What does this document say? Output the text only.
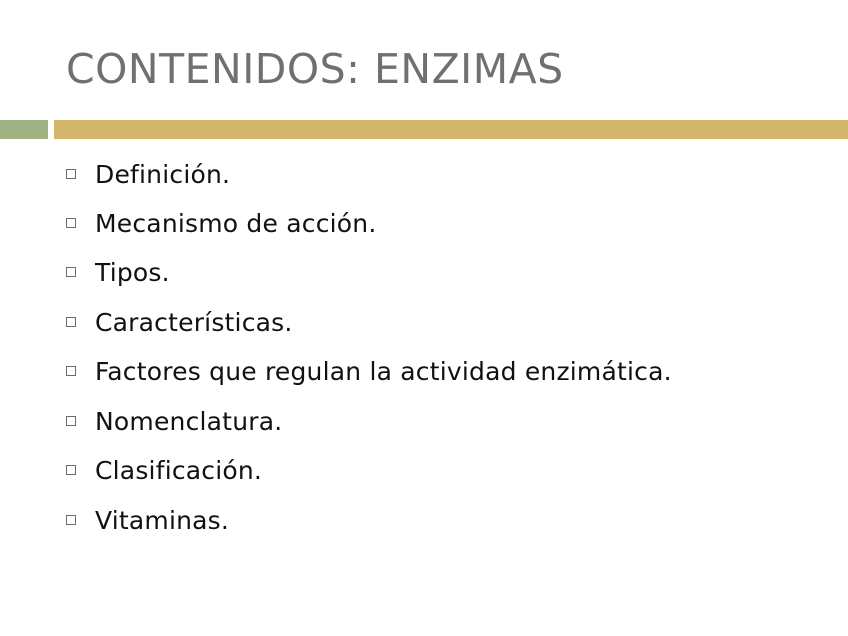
CONTENIDOS: ENZIMAS
Definición.
Mecanismo de acción.
Tipos.
Características.
Factores que regulan la actividad enzimática.
Nomenclatura.
Clasificación.
Vitaminas.
